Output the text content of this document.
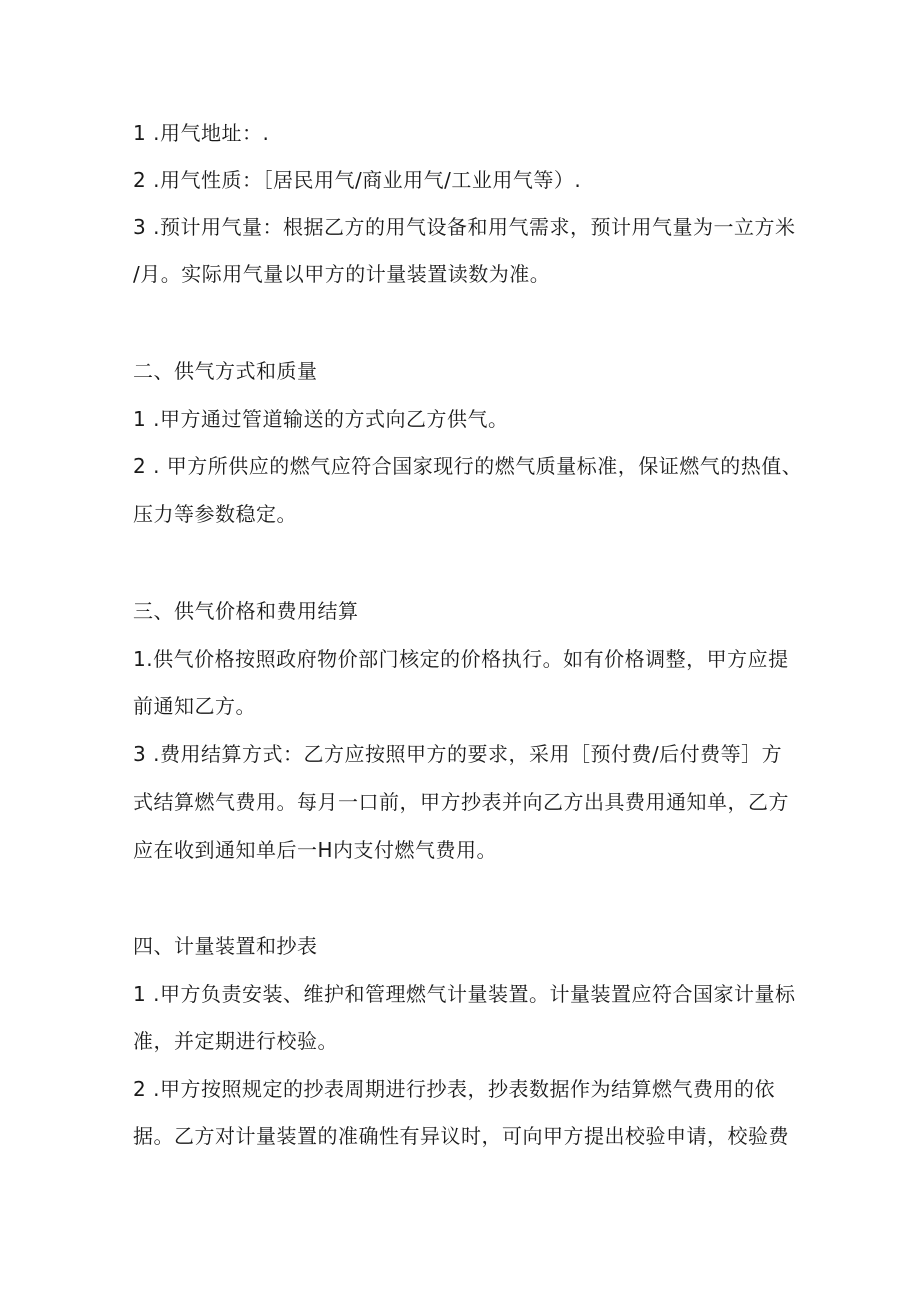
1 .用气地址：.
2 .用气性质：［居民用气/商业用气/工业用气等）.
3 .预计用气量：根据乙方的用气设备和用气需求，预计用气量为一立方米
/月。实际用气量以甲方的计量装置读数为准。
二、供气方式和质量
1 .甲方通过管道输送的方式向乙方供气。
2 . 甲方所供应的燃气应符合国家现行的燃气质量标准，保证燃气的热值、
压力等参数稳定。
三、供气价格和费用结算
1.供气价格按照政府物价部门核定的价格执行。如有价格调整，甲方应提
前通知乙方。
3 .费用结算方式：乙方应按照甲方的要求，采用［预付费/后付费等］方
式结算燃气费用。每月一口前，甲方抄表并向乙方出具费用通知单，乙方
应在收到通知单后一H内支付燃气费用。
四、计量装置和抄表
1 .甲方负责安装、维护和管理燃气计量装置。计量装置应符合国家计量标
准，并定期进行校验。
2 .甲方按照规定的抄表周期进行抄表，抄表数据作为结算燃气费用的依
据。乙方对计量装置的准确性有异议时，可向甲方提出校验申请，校验费
